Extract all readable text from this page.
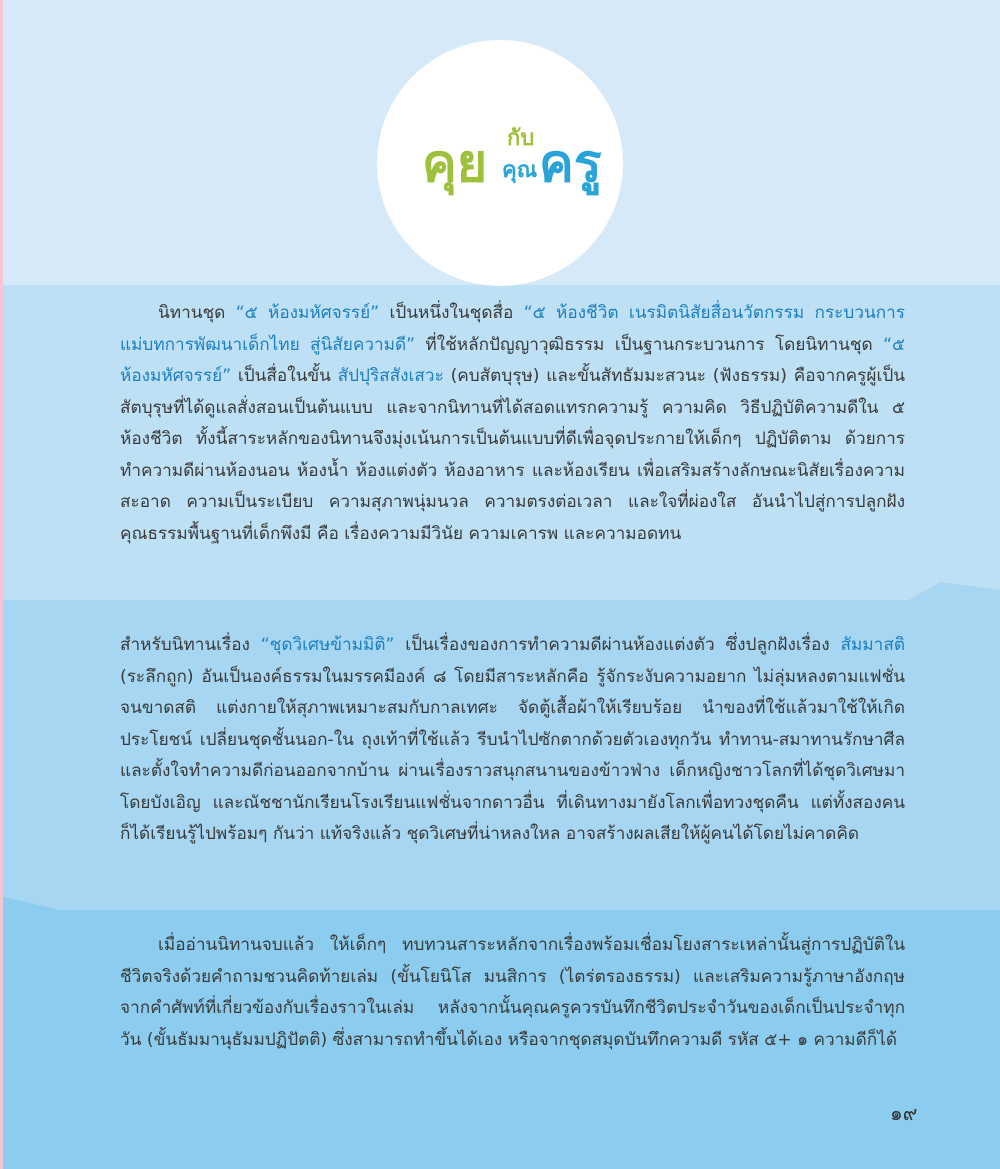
คุย กับ
คุณ ครู

นิทานชุด “๕ ห้องมหัศจรรย์” เป็นหนึ่งในชุดสื่อ “๕ ห้องชีวิต เนรมิตนิสัยสื่อนวัตกรรม กระบวนการแม่บทการพัฒนาเด็กไทย สู่นิสัยความดี” ที่ใช้หลักปัญญาวุฒิธรรม เป็นฐานกระบวนการ โดยนิทานชุด “๕ ห้องมหัศจรรย์” เป็นสื่อในขั้น สัปปุริสสังเสวะ (คบสัตบุรุษ) และขั้นสัทธัมมะสวนะ (ฟังธรรม) คือจากครูผู้เป็นสัตบุรุษที่ได้ดูแลสั่งสอนเป็นต้นแบบ และจากนิทานที่ได้สอดแทรกความรู้ ความคิด วิธีปฏิบัติความดีใน ๕ ห้องชีวิต ทั้งนี้สาระหลักของนิทานจึงมุ่งเน้นการเป็นต้นแบบที่ดีเพื่อจุดประกายให้เด็กๆ ปฏิบัติตาม ด้วยการทำความดีผ่านห้องนอน ห้องน้ำ ห้องแต่งตัว ห้องอาหาร และห้องเรียน เพื่อเสริมสร้างลักษณะนิสัยเรื่องความสะอาด ความเป็นระเบียบ ความสุภาพนุ่มนวล ความตรงต่อเวลา และใจที่ผ่องใส อันนำไปสู่การปลูกฝังคุณธรรมพื้นฐานที่เด็กพึงมี คือ เรื่องความมีวินัย ความเคารพ และความอดทน

สำหรับนิทานเรื่อง “ชุดวิเศษข้ามมิติ” เป็นเรื่องของการทำความดีผ่านห้องแต่งตัว ซึ่งปลูกฝังเรื่อง สัมมาสติ (ระลึกถูก) อันเป็นองค์ธรรมในมรรคมีองค์ ๘ โดยมีสาระหลักคือ รู้จักระงับความอยาก ไม่ลุ่มหลงตามแฟชั่นจนขาดสติ แต่งกายให้สุภาพเหมาะสมกับกาลเทศะ จัดตู้เสื้อผ้าให้เรียบร้อย นำของที่ใช้แล้วมาใช้ให้เกิดประโยชน์ เปลี่ยนชุดชั้นนอก-ใน ถุงเท้าที่ใช้แล้ว รีบนำไปซักตากด้วยตัวเองทุกวัน ทำทาน-สมาทานรักษาศีลและตั้งใจทำความดีก่อนออกจากบ้าน ผ่านเรื่องราวสนุกสนานของข้าวฟ่าง เด็กหญิงชาวโลกที่ได้ชุดวิเศษมาโดยบังเอิญ และณัชชานักเรียนโรงเรียนแฟชั่นจากดาวอื่น ที่เดินทางมายังโลกเพื่อทวงชุดคืน แต่ทั้งสองคนก็ได้เรียนรู้ไปพร้อมๆ กันว่า แท้จริงแล้ว ชุดวิเศษที่น่าหลงใหล อาจสร้างผลเสียให้ผู้คนได้โดยไม่คาดคิด

เมื่ออ่านนิทานจบแล้ว ให้เด็กๆ ทบทวนสาระหลักจากเรื่องพร้อมเชื่อมโยงสาระเหล่านั้นสู่การปฏิบัติในชีวิตจริงด้วยคำถามชวนคิดท้ายเล่ม (ขั้นโยนิโส มนสิการ (ไตร่ตรองธรรม) และเสริมความรู้ภาษาอังกฤษจากคำศัพท์ที่เกี่ยวข้องกับเรื่องราวในเล่ม หลังจากนั้นคุณครูควรบันทึกชีวิตประจำวันของเด็กเป็นประจำทุกวัน (ขั้นธัมมานุธัมมปฏิปัตติ) ซึ่งสามารถทำขึ้นได้เอง หรือจากชุดสมุดบันทึกความดี รหัส ๕+ ๑ ความดีก็ได้

๑๙
